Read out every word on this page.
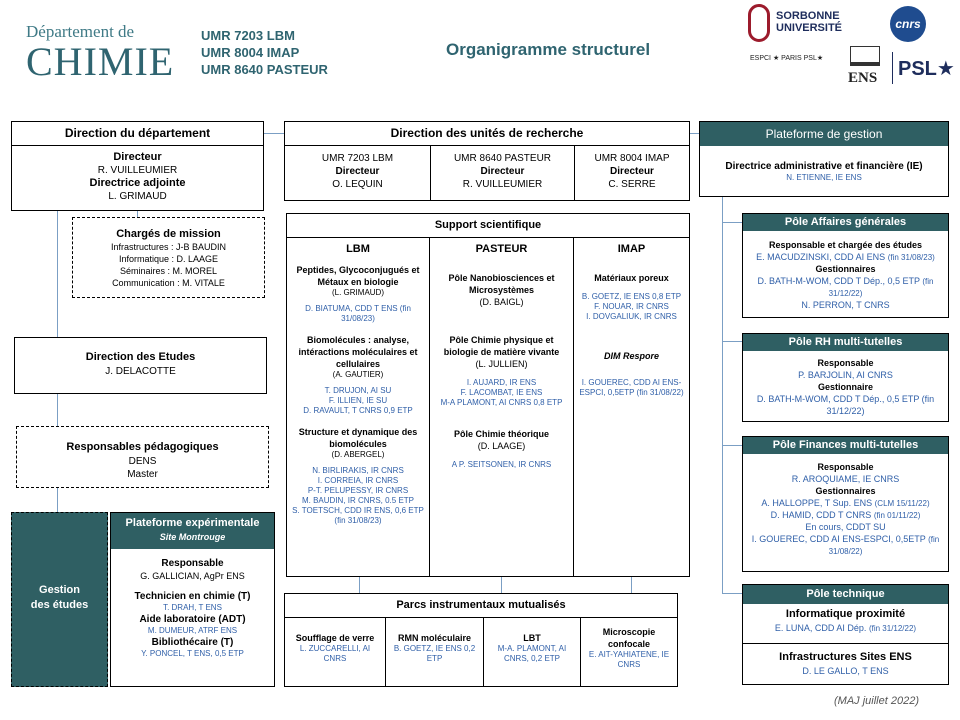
Département de
CHIMIE
UMR 7203 LBM
UMR 8004 IMAP
UMR 8640 PASTEUR
Organigramme structurel
SORBONNE UNIVERSITÉ	cnrs
ESPCI ★ PARIS PSL★
ENS PSL★
Direction du département
Directeur
R. VUILLEUMIER
Directrice adjointe
L. GRIMAUD
Chargés de mission
Infrastructures : J-B BAUDIN
Informatique : D. LAAGE
Séminaires : M. MOREL
Communication : M. VITALE
Direction des Etudes
J. DELACOTTE
Responsables pédagogiques
DENS
Master
Gestion
des études
Plateforme expérimentale
Site Montrouge
Responsable
G. GALLICIAN, AgPr ENS
Technicien en chimie (T)
T. DRAH, T ENS
Aide laboratoire (ADT)
M. DUMEUR, ATRF ENS
Bibliothécaire (T)
Y. PONCEL, T ENS, 0,5 ETP
Direction des unités de recherche
UMR 7203 LBM
Directeur
O. LEQUIN
UMR 8640 PASTEUR
Directeur
R. VUILLEUMIER
UMR 8004 IMAP
Directeur
C. SERRE
Support scientifique
LBM
Peptides, Glycoconjugués et Métaux en biologie
(L. GRIMAUD)
D. BIATUMA, CDD T ENS (fin 31/08/23)
Biomolécules : analyse, intéractions moléculaires et cellulaires
(A. GAUTIER)
T. DRUJON, AI SU
F. ILLIEN, IE SU
D. RAVAULT, T CNRS 0,9 ETP
Structure et dynamique des biomolécules
(D. ABERGEL)
N. BIRLIRAKIS, IR CNRS
I. CORREIA, IR CNRS
P-T. PELUPESSY, IR CNRS
M. BAUDIN, IR CNRS, 0.5 ETP
S. TOETSCH, CDD IR ENS, 0,6 ETP (fin 31/08/23)
PASTEUR
Pôle Nanobiosciences et Microsystèmes
(D. BAIGL)
Pôle Chimie physique et biologie de matière vivante
(L. JULLIEN)
I. AUJARD, IR ENS
F. LACOMBAT, IE ENS
M-A PLAMONT, AI CNRS 0,8 ETP
Pôle Chimie théorique
(D. LAAGE)
A P. SEITSONEN, IR CNRS
IMAP
Matériaux poreux
B. GOETZ, IE ENS 0,8 ETP
F. NOUAR, IR CNRS
I. DOVGALIUK, IR CNRS
DIM Respore
I. GOUEREC, CDD AI ENS-ESPCI, 0,5ETP (fin 31/08/22)
Parcs instrumentaux mutualisés
Soufflage de verre
L. ZUCCARELLI, AI CNRS
RMN moléculaire
B. GOETZ, IE ENS 0,2 ETP
LBT
M-A. PLAMONT, AI CNRS, 0,2 ETP
Microscopie confocale
E. AIT-YAHIATENE, IE CNRS
Plateforme de gestion
Directrice administrative et financière (IE)
N. ETIENNE, IE ENS
Pôle Affaires générales
Responsable et chargée des études
E. MACUDZINSKI, CDD AI ENS (fin 31/08/23)
Gestionnaires
D. BATH-M-WOM, CDD T Dép., 0,5 ETP (fin 31/12/22)
N. PERRON, T CNRS
Pôle RH multi-tutelles
Responsable
P. BARJOLIN, AI CNRS
Gestionnaire
D. BATH-M-WOM, CDD T Dép., 0,5 ETP (fin 31/12/22)
Pôle Finances multi-tutelles
Responsable
R. AROQUIAME, IE CNRS
Gestionnaires
A. HALLOPPE, T Sup. ENS (CLM 15/11/22)
D. HAMID, CDD T CNRS (fin 01/11/22)
En cours, CDDT SU
I. GOUEREC, CDD AI ENS-ESPCI, 0,5ETP (fin 31/08/22)
Pôle technique
Informatique proximité
E. LUNA, CDD AI Dép. (fin 31/12/22)
Infrastructures Sites ENS
D. LE GALLO, T ENS
(MAJ juillet 2022)
